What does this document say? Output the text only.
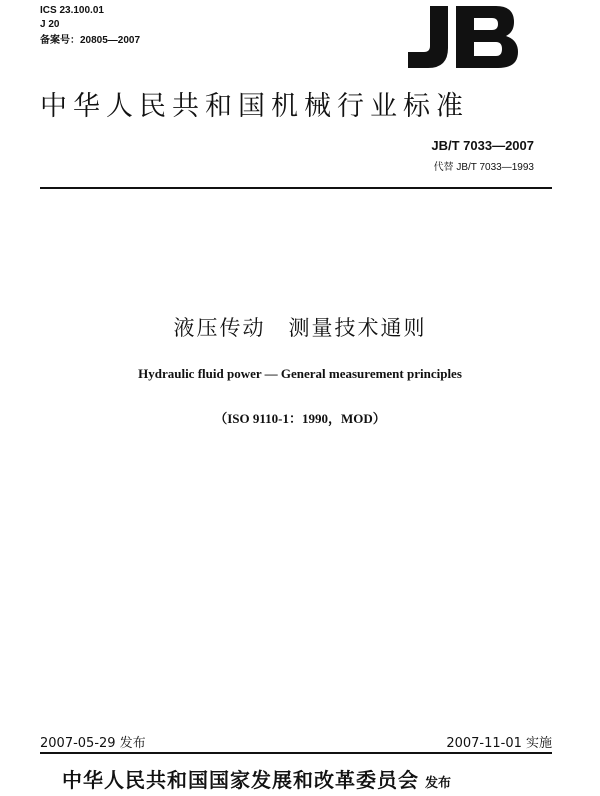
ICS 23.100.01
J 20
备案号：20805—2007
中华人民共和国机械行业标准
JB/T 7033—2007
代替 JB/T 7033—1993
液压传动　测量技术通则
Hydraulic fluid power — General measurement principles
（ISO 9110-1：1990，MOD）
2007-05-29 发布	2007-11-01 实施
中华人民共和国国家发展和改革委员会 发布
